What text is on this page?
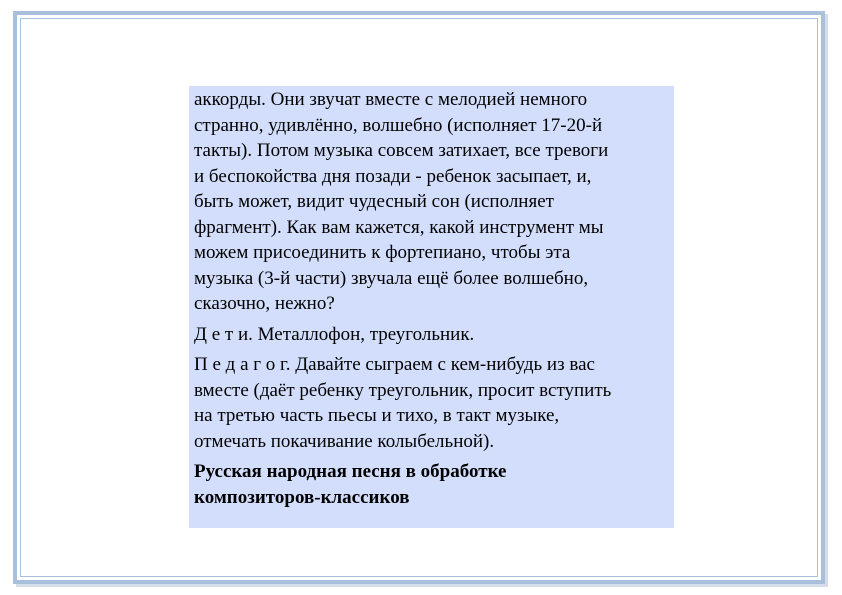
аккорды. Они звучат вместе с мелодией немного
странно, удивлённо, волшебно (исполняет 17-20-й
такты). Потом музыка совсем затихает, все тревоги
и беспокойства дня позади - ребенок засыпает, и,
быть может, видит чудесный сон (исполняет
фрагмент). Как вам кажется, какой инструмент мы
можем присоединить к фортепиано, чтобы эта
музыка (3-й части) звучала ещё более волшебно,
сказочно, нежно?

Д е т и. Металлофон, треугольник.

П е д а г о г. Давайте сыграем с кем-нибудь из вас
вместе (даёт ребенку треугольник, просит вступить
на третью часть пьесы и тихо, в такт музыке,
отмечать покачивание колыбельной).

Русская народная песня в обработке
композиторов-классиков
